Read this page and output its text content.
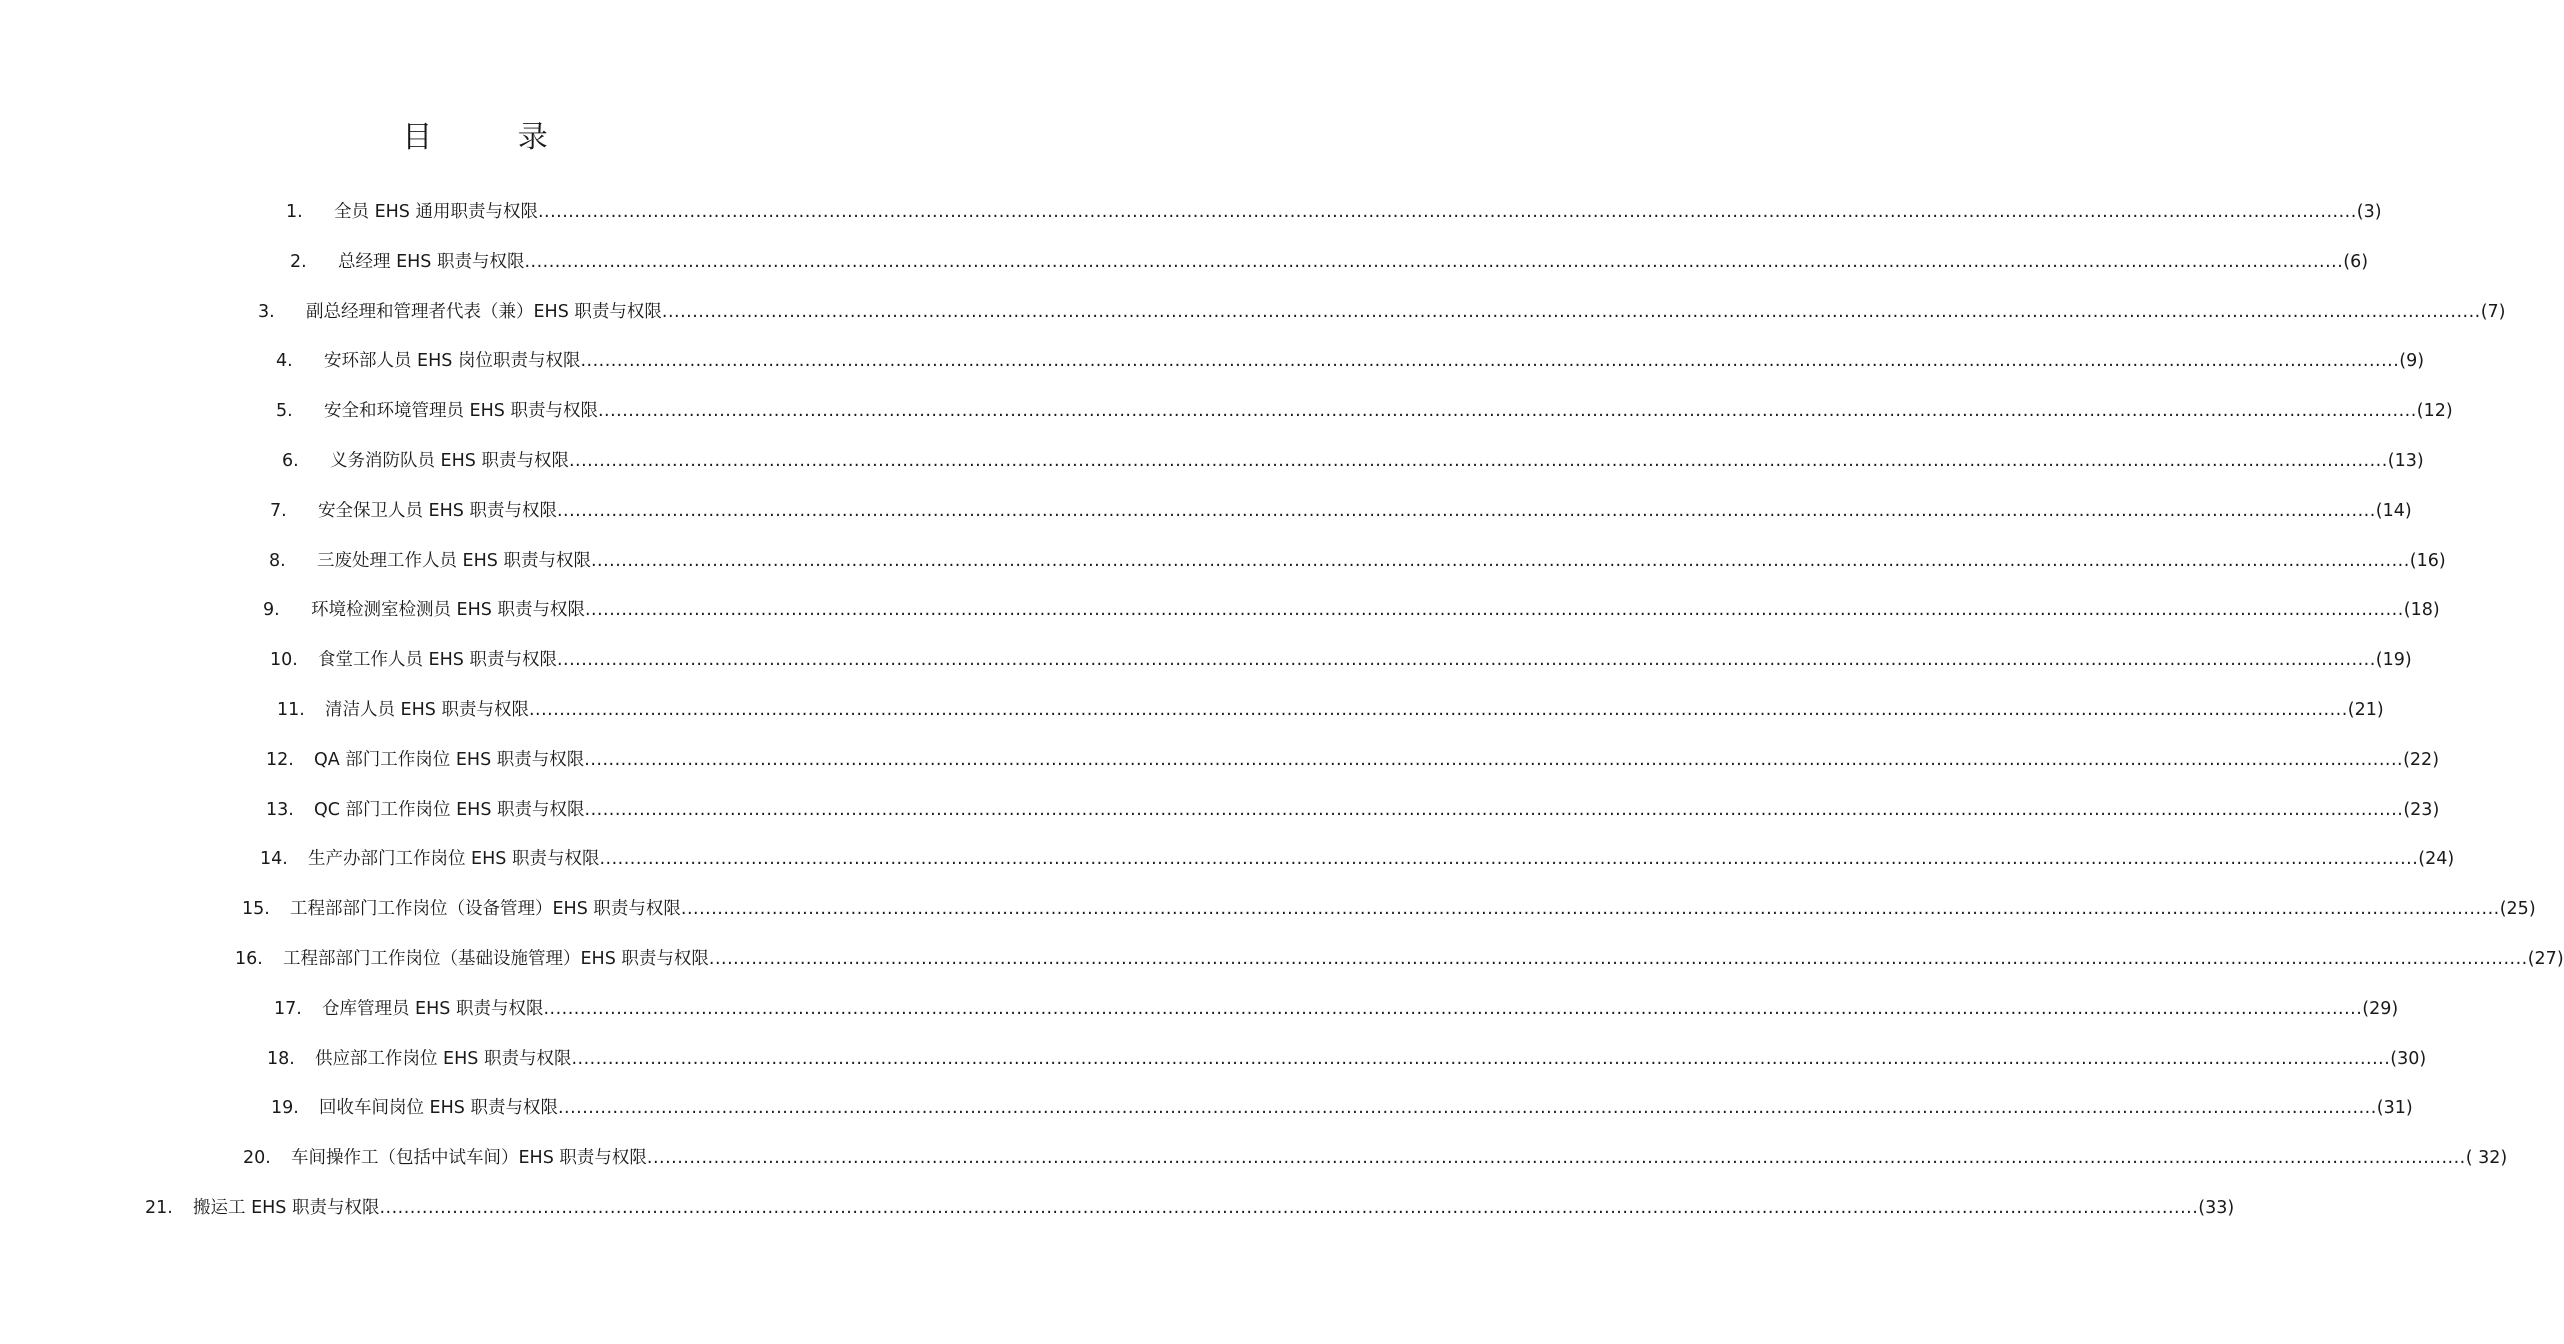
目 录
1.	全员 EHS 通用职责与权限 ............................................................................................................................................................................................................................................................................................................ (3)
2.	总经理 EHS 职责与权限 ............................................................................................................................................................................................................................................................................................................ (6)
3.	副总经理和管理者代表（兼）EHS 职责与权限 ............................................................................................................................................................................................................................................................................................................ (7)
4.	安环部人员 EHS 岗位职责与权限 ............................................................................................................................................................................................................................................................................................................ (9)
5.	安全和环境管理员 EHS 职责与权限 ............................................................................................................................................................................................................................................................................................................ (12)
6.	义务消防队员 EHS 职责与权限 ............................................................................................................................................................................................................................................................................................................ (13)
7.	安全保卫人员 EHS 职责与权限 ............................................................................................................................................................................................................................................................................................................ (14)
8.	三废处理工作人员 EHS 职责与权限 ............................................................................................................................................................................................................................................................................................................ (16)
9.	环境检测室检测员 EHS 职责与权限 ............................................................................................................................................................................................................................................................................................................ (18)
10.	食堂工作人员 EHS 职责与权限 ............................................................................................................................................................................................................................................................................................................ (19)
11.	清洁人员 EHS 职责与权限 ............................................................................................................................................................................................................................................................................................................ (21)
12.	QA 部门工作岗位 EHS 职责与权限 ............................................................................................................................................................................................................................................................................................................ (22)
13.	QC 部门工作岗位 EHS 职责与权限 ............................................................................................................................................................................................................................................................................................................ (23)
14.	生产办部门工作岗位 EHS 职责与权限 ............................................................................................................................................................................................................................................................................................................ (24)
15.	工程部部门工作岗位（设备管理）EHS 职责与权限 ............................................................................................................................................................................................................................................................................................................ (25)
16.	工程部部门工作岗位（基础设施管理）EHS 职责与权限 ............................................................................................................................................................................................................................................................................................................ (27)
17.	仓库管理员 EHS 职责与权限 ............................................................................................................................................................................................................................................................................................................ (29)
18.	供应部工作岗位 EHS 职责与权限 ............................................................................................................................................................................................................................................................................................................ (30)
19.	回收车间岗位 EHS 职责与权限 ............................................................................................................................................................................................................................................................................................................ (31)
20.	车间操作工（包括中试车间）EHS 职责与权限 ............................................................................................................................................................................................................................................................................................................ ( 32)
21.	搬运工 EHS 职责与权限 ............................................................................................................................................................................................................................................................................................................ (33)
